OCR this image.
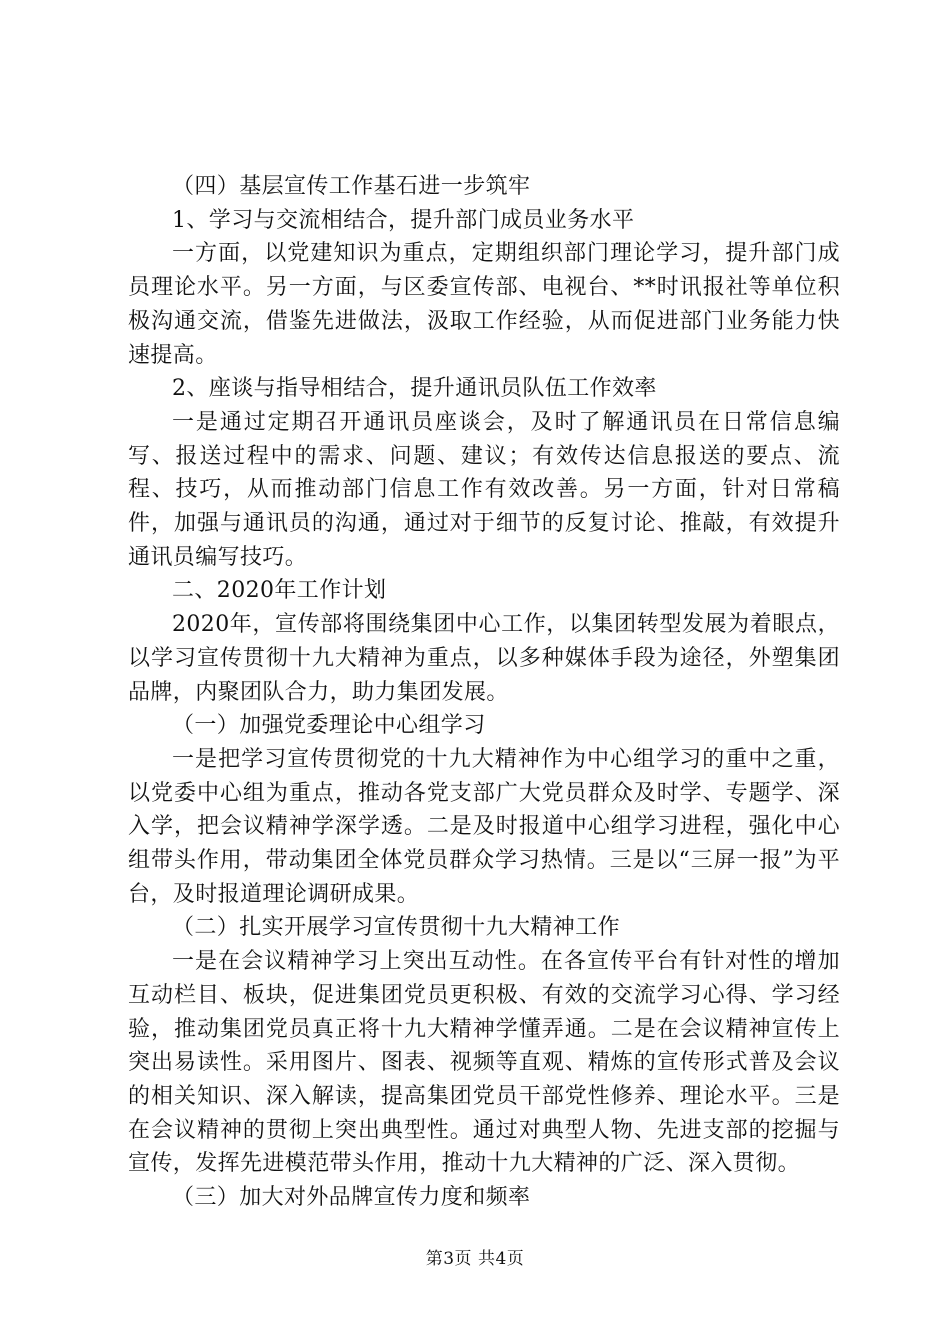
（四）基层宣传工作基石进一步筑牢

1、学习与交流相结合，提升部门成员业务水平

一方面，以党建知识为重点，定期组织部门理论学习，提升部门成员理论水平。另一方面，与区委宣传部、电视台、**时讯报社等单位积极沟通交流，借鉴先进做法，汲取工作经验，从而促进部门业务能力快速提高。

2、座谈与指导相结合，提升通讯员队伍工作效率

一是通过定期召开通讯员座谈会，及时了解通讯员在日常信息编写、报送过程中的需求、问题、建议；有效传达信息报送的要点、流程、技巧，从而推动部门信息工作有效改善。另一方面，针对日常稿件，加强与通讯员的沟通，通过对于细节的反复讨论、推敲，有效提升通讯员编写技巧。

二、2020年工作计划

2020年，宣传部将围绕集团中心工作，以集团转型发展为着眼点，以学习宣传贯彻十九大精神为重点，以多种媒体手段为途径，外塑集团品牌，内聚团队合力，助力集团发展。

（一）加强党委理论中心组学习

一是把学习宣传贯彻党的十九大精神作为中心组学习的重中之重，以党委中心组为重点，推动各党支部广大党员群众及时学、专题学、深入学，把会议精神学深学透。二是及时报道中心组学习进程，强化中心组带头作用，带动集团全体党员群众学习热情。三是以“三屏一报”为平台，及时报道理论调研成果。

（二）扎实开展学习宣传贯彻十九大精神工作

一是在会议精神学习上突出互动性。在各宣传平台有针对性的增加互动栏目、板块，促进集团党员更积极、有效的交流学习心得、学习经验，推动集团党员真正将十九大精神学懂弄通。二是在会议精神宣传上突出易读性。采用图片、图表、视频等直观、精炼的宣传形式普及会议的相关知识、深入解读，提高集团党员干部党性修养、理论水平。三是在会议精神的贯彻上突出典型性。通过对典型人物、先进支部的挖掘与宣传，发挥先进模范带头作用，推动十九大精神的广泛、深入贯彻。

（三）加大对外品牌宣传力度和频率

第3页 共4页
